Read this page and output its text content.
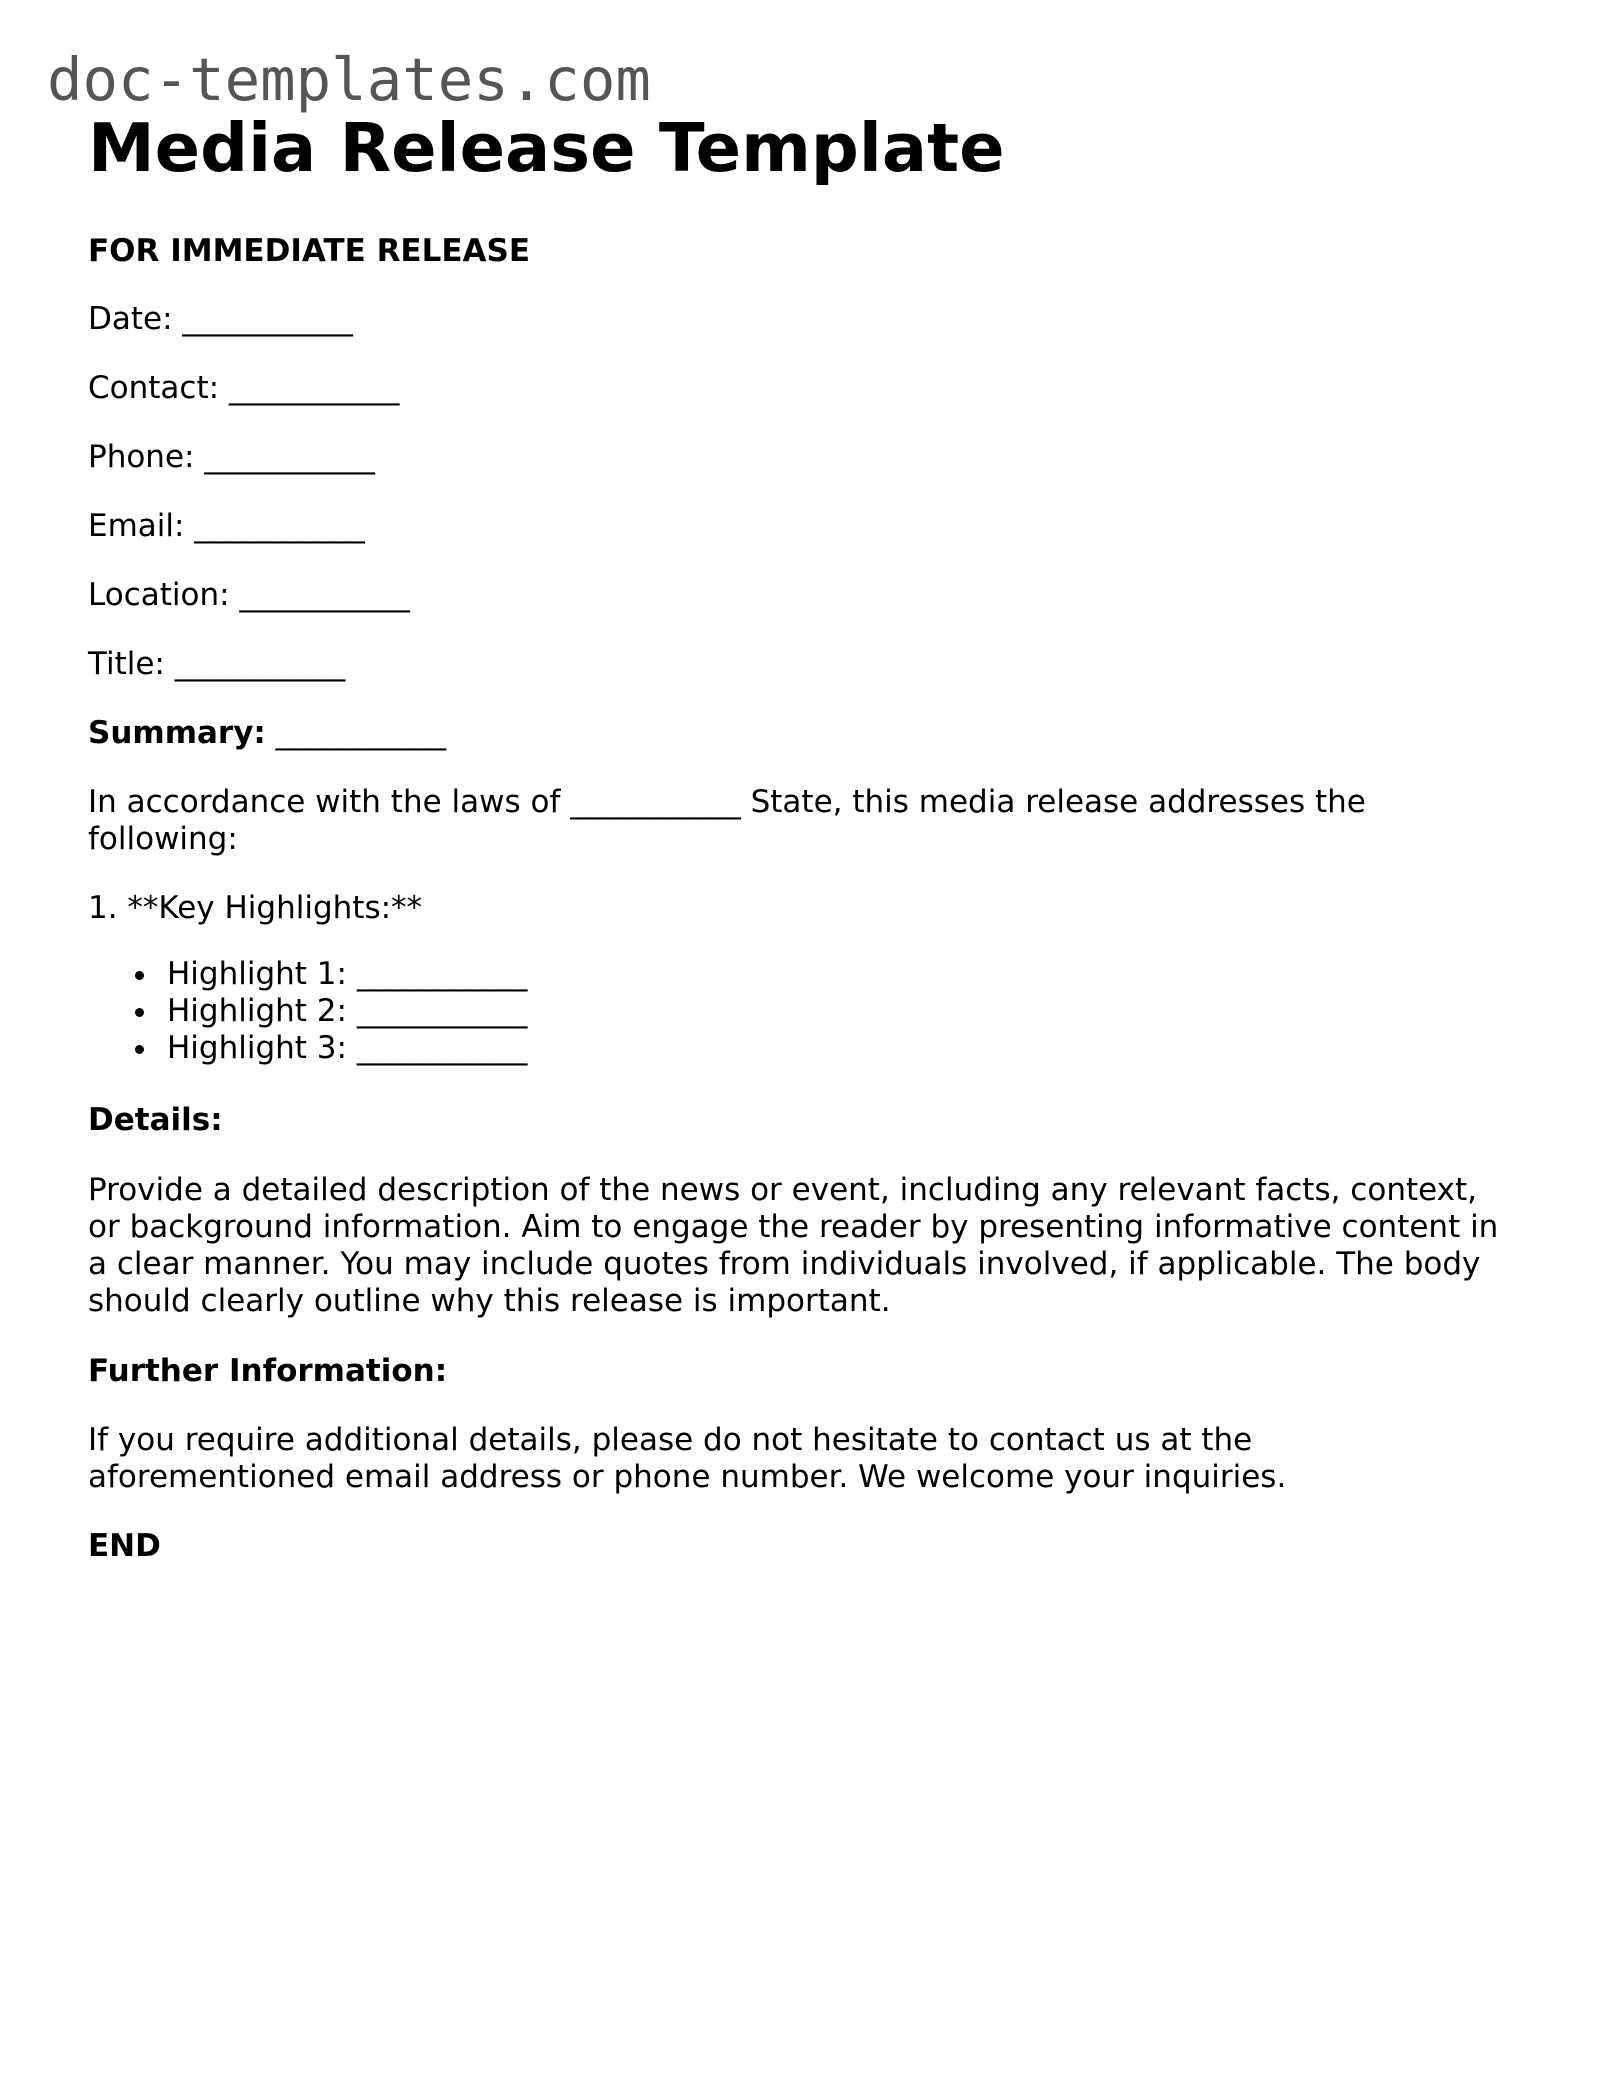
doc-templates.com
Media Release Template

FOR IMMEDIATE RELEASE

Date: ___________

Contact: ___________

Phone: ___________

Email: ___________

Location: ___________

Title: ___________

Summary: ___________

In accordance with the laws of ___________ State, this media release addresses the following:

1. **Key Highlights:**

Highlight 1: ___________
Highlight 2: ___________
Highlight 3: ___________

Details:

Provide a detailed description of the news or event, including any relevant facts, context, or background information. Aim to engage the reader by presenting informative content in a clear manner. You may include quotes from individuals involved, if applicable. The body should clearly outline why this release is important.

Further Information:

If you require additional details, please do not hesitate to contact us at the aforementioned email address or phone number. We welcome your inquiries.

END
